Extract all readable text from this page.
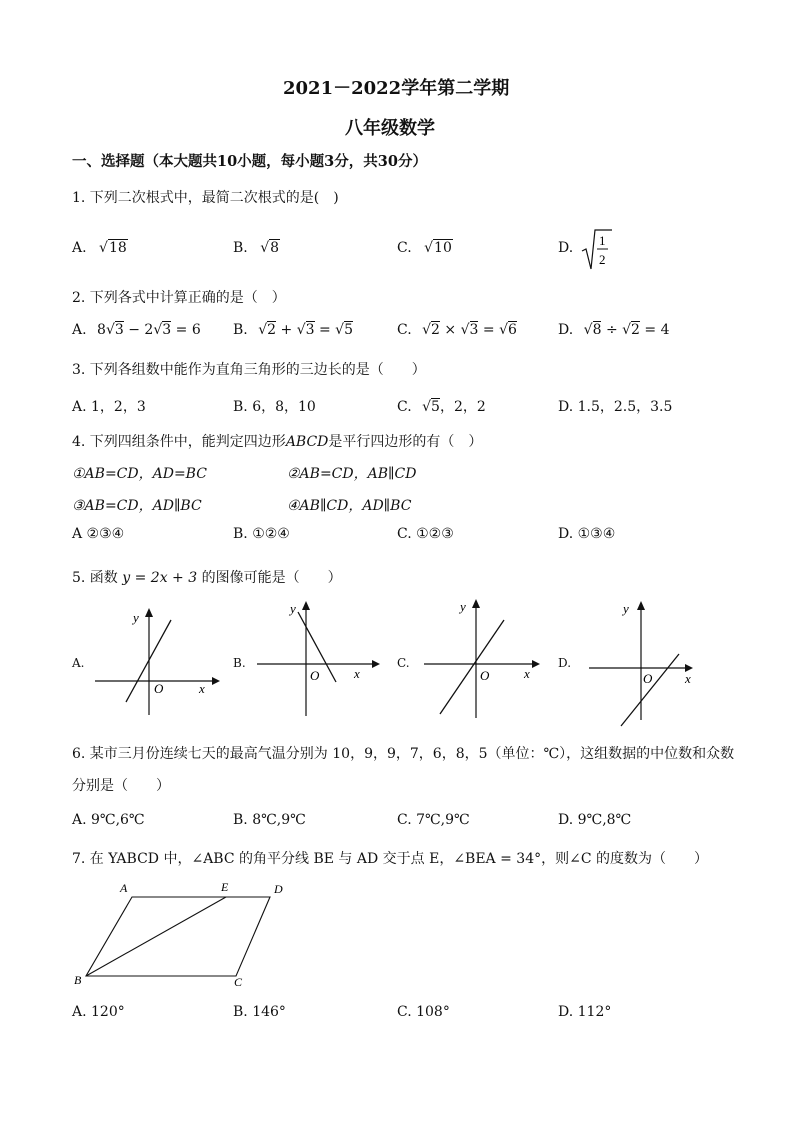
2021－2022学年第二学期
八年级数学
一、选择题（本大题共10小题，每小题3分，共30分）
1. 下列二次根式中，最简二次根式的是(　)
A. √18	B. √8	C. √10	D. 1
2
2. 下列各式中计算正确的是（　）
A. 8√3 − 2√3 = 6 B. √2 + √3 = √5	C. √2 × √3 = √6	D. √8 ÷ √2 = 4
3. 下列各组数中能作为直角三角形的三边长的是（　　）
A. 1，2，3	B. 6，8，10	C. √5，2，2	D. 1.5，2.5，3.5
4. 下列四组条件中，能判定四边形ABCD是平行四边形的有（　）
①AB=CD，AD=BC	②AB=CD，AB∥CD
③AB=CD，AD∥BC	④AB∥CD，AD∥BC
A ②③④	B. ①②④	C. ①②③	D. ①③④
5. 函数 y = 2x + 3 的图像可能是（　　）
A.
y
x
O
B.
y
x
O
C.
y
x
O
D.
y
x
O
6. 某市三月份连续七天的最高气温分别为 10，9，9，7，6，8，5（单位：℃），这组数据的中位数和众数
分别是（　　）
A. 9℃,6℃	B. 8℃,9℃	C. 7℃,9℃	D. 9℃,8℃
7. 在 YABCD 中，∠ABC 的角平分线 BE 与 AD 交于点 E，∠BEA = 34°，则∠C 的度数为（　　）
A	E	D
B	C
A. 120°	B. 146°	C. 108°	D. 112°
